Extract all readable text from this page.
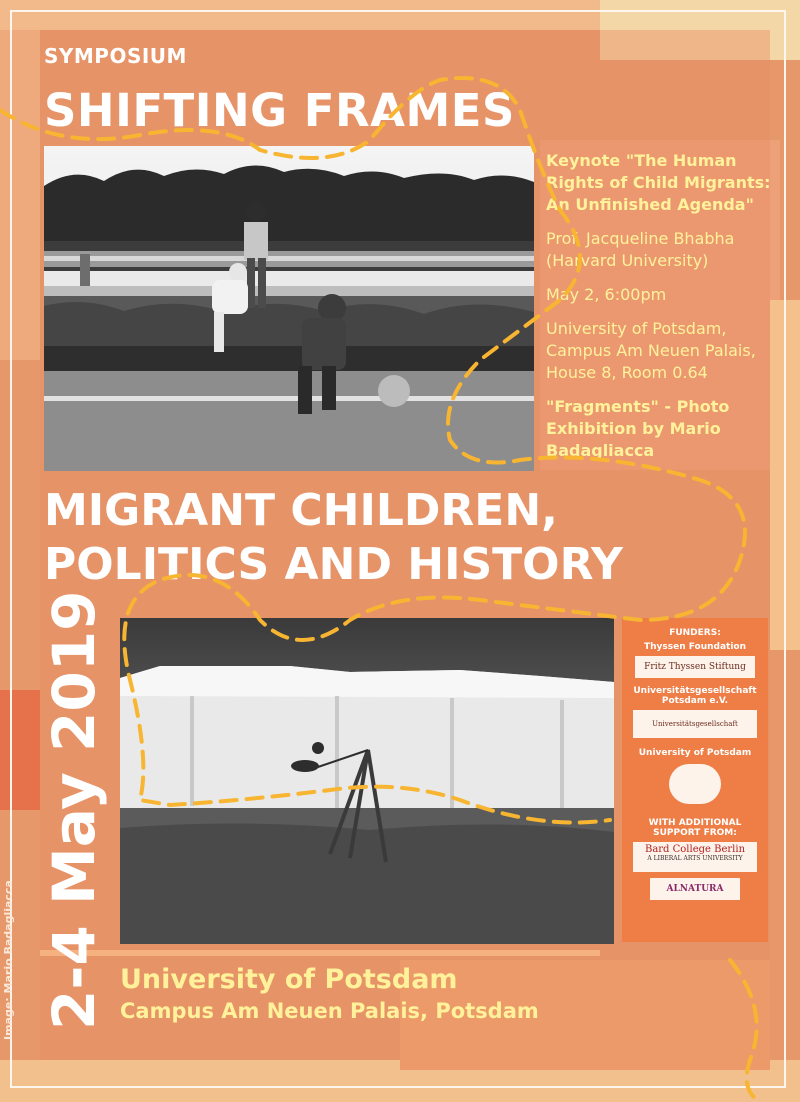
SYMPOSIUM
SHIFTING FRAMES

Keynote "The Human
Rights of Child Migrants:
An Unfinished Agenda"

Prof. Jacqueline Bhabha
(Harvard University)

May 2, 6:00pm

University of Potsdam,
Campus Am Neuen Palais,
House 8, Room 0.64

"Fragments" - Photo
Exhibition by Mario
Badagliacca

MIGRANT CHILDREN,
POLITICS AND HISTORY
FUNDERS:
Thyssen Foundation
Fritz Thyssen Stiftung
Universitätsgesellschaft
Potsdam e.V.
Universitätsgesellschaft
University of Potsdam
WITH ADDITIONAL
SUPPORT FROM:
Bard College Berlin
A LIBERAL ARTS UNIVERSITY
ALNATURA
2-4 May 2019 University of Potsdam
Campus Am Neuen Palais, Potsdam
Image: Mario Badagliacca
